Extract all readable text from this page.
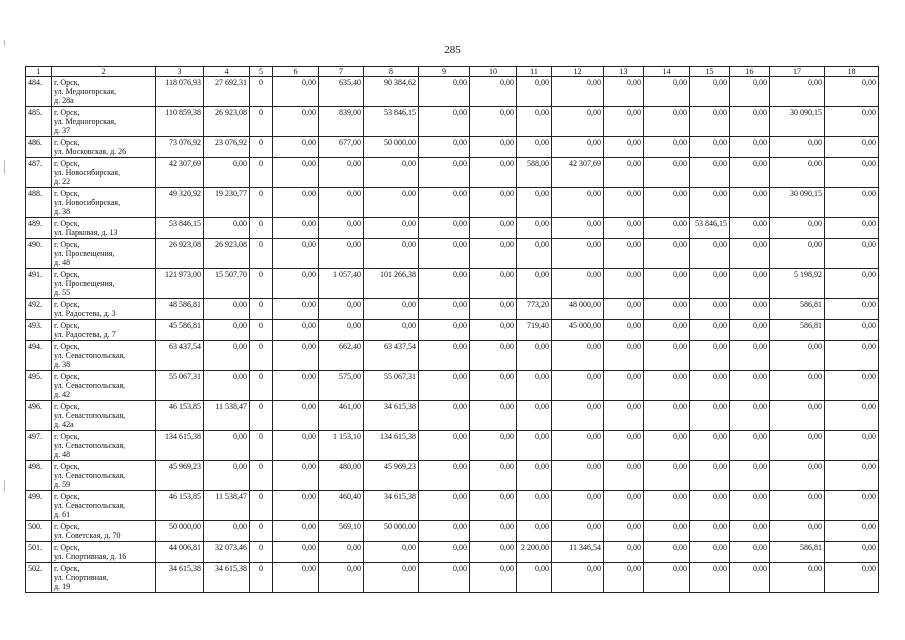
285
1	2	3	4	5	6	7	8	9	10	11	12	13	14	15	16	17	18
484.	г. Орск,
ул. Медногорская,
д. 28а	118 076,93	27 692,31	0	0,00	635,40	90 384,62	0,00	0,00	0,00	0,00	0,00	0,00	0,00	0,00	0,00	0,00
485.	г. Орск,
ул. Медногорская,
д. 37	110 859,38	26 923,08	0	0,00	839,00	53 846,15	0,00	0,00	0,00	0,00	0,00	0,00	0,00	0,00	30 090,15	0,00
486.	г. Орск,
ул. Московская, д. 26	73 076,92	23 076,92	0	0,00	677,00	50 000,00	0,00	0,00	0,00	0,00	0,00	0,00	0,00	0,00	0,00	0,00
487.	г. Орск,
ул. Новосибирская,
д. 22	42 307,69	0,00	0	0,00	0,00	0,00	0,00	0,00	588,00	42 307,69	0,00	0,00	0,00	0,00	0,00	0,00
488.	г. Орск,
ул. Новосибирская,
д. 38	49 320,92	19 230,77	0	0,00	0,00	0,00	0,00	0,00	0,00	0,00	0,00	0,00	0,00	0,00	30 090,15	0,00
489.	г. Орск,
ул. Парковая, д. 13	53 846,15	0,00	0	0,00	0,00	0,00	0,00	0,00	0,00	0,00	0,00	0,00	53 846,15	0,00	0,00	0,00
490.	г. Орск,
ул. Просвещения,
д. 48	26 923,08	26 923,08	0	0,00	0,00	0,00	0,00	0,00	0,00	0,00	0,00	0,00	0,00	0,00	0,00	0,00
491.	г. Орск,
ул. Просвещения,
д. 55	121 973,00	15 507,70	0	0,00	1 057,40	101 266,38	0,00	0,00	0,00	0,00	0,00	0,00	0,00	0,00	5 198,92	0,00
492.	г. Орск,
ул. Радостева, д. 3	48 586,81	0,00	0	0,00	0,00	0,00	0,00	0,00	773,20	48 000,00	0,00	0,00	0,00	0,00	586,81	0,00
493.	г. Орск,
ул. Радостева, д. 7	45 586,81	0,00	0	0,00	0,00	0,00	0,00	0,00	719,40	45 000,00	0,00	0,00	0,00	0,00	586,81	0,00
494.	г. Орск,
ул. Севастопольская,
д. 38	63 437,54	0,00	0	0,00	662,40	63 437,54	0,00	0,00	0,00	0,00	0,00	0,00	0,00	0,00	0,00	0,00
495.	г. Орск,
ул. Севастопольская,
д. 42	55 067,31	0,00	0	0,00	575,00	55 067,31	0,00	0,00	0,00	0,00	0,00	0,00	0,00	0,00	0,00	0,00
496.	г. Орск,
ул. Севастопольская,
д. 42а	46 153,85	11 538,47	0	0,00	461,00	34 615,38	0,00	0,00	0,00	0,00	0,00	0,00	0,00	0,00	0,00	0,00
497.	г. Орск,
ул. Севастопольская,
д. 48	134 615,38	0,00	0	0,00	1 153,10	134 615,38	0,00	0,00	0,00	0,00	0,00	0,00	0,00	0,00	0,00	0,00
498.	г. Орск,
ул. Севастопольская,
д. 59	45 969,23	0,00	0	0,00	480,00	45 969,23	0,00	0,00	0,00	0,00	0,00	0,00	0,00	0,00	0,00	0,00
499.	г. Орск,
ул. Севастопольская,
д. 61	46 153,85	11 538,47	0	0,00	460,40	34 615,38	0,00	0,00	0,00	0,00	0,00	0,00	0,00	0,00	0,00	0,00
500.	г. Орск,
ул. Советская, д. 70	50 000,00	0,00	0	0,00	569,10	50 000,00	0,00	0,00	0,00	0,00	0,00	0,00	0,00	0,00	0,00	0,00
501.	г. Орск,
ул. Спортивная, д. 16	44 006,81	32 073,46	0	0,00	0,00	0,00	0,00	0,00	2 200,00	11 346,54	0,00	0,00	0,00	0,00	586,81	0,00
502.	г. Орск,
ул. Спортивная,
д. 19	34 615,38	34 615,38	0	0,00	0,00	0,00	0,00	0,00	0,00	0,00	0,00	0,00	0,00	0,00	0,00	0,00
